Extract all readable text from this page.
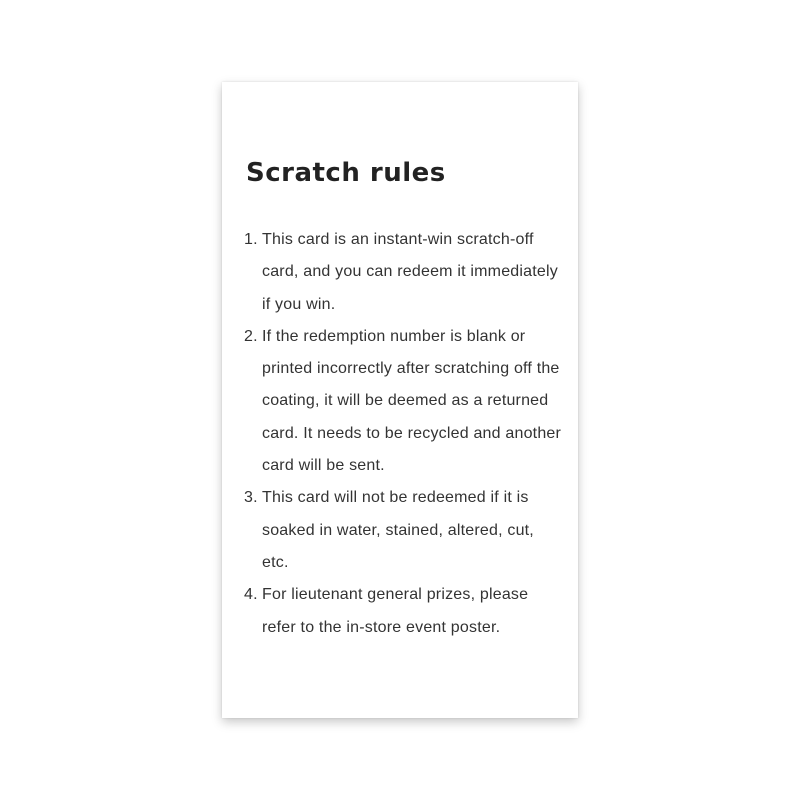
Scratch rules
1. This card is an instant-win scratch-off card, and you can redeem it immediately if you win.
2. If the redemption number is blank or printed incorrectly after scratching off the coating, it will be deemed as a returned card. It needs to be recycled and another card will be sent.
3. This card will not be redeemed if it is soaked in water, stained, altered, cut, etc.
4. For lieutenant general prizes, please refer to the in-store event poster.
